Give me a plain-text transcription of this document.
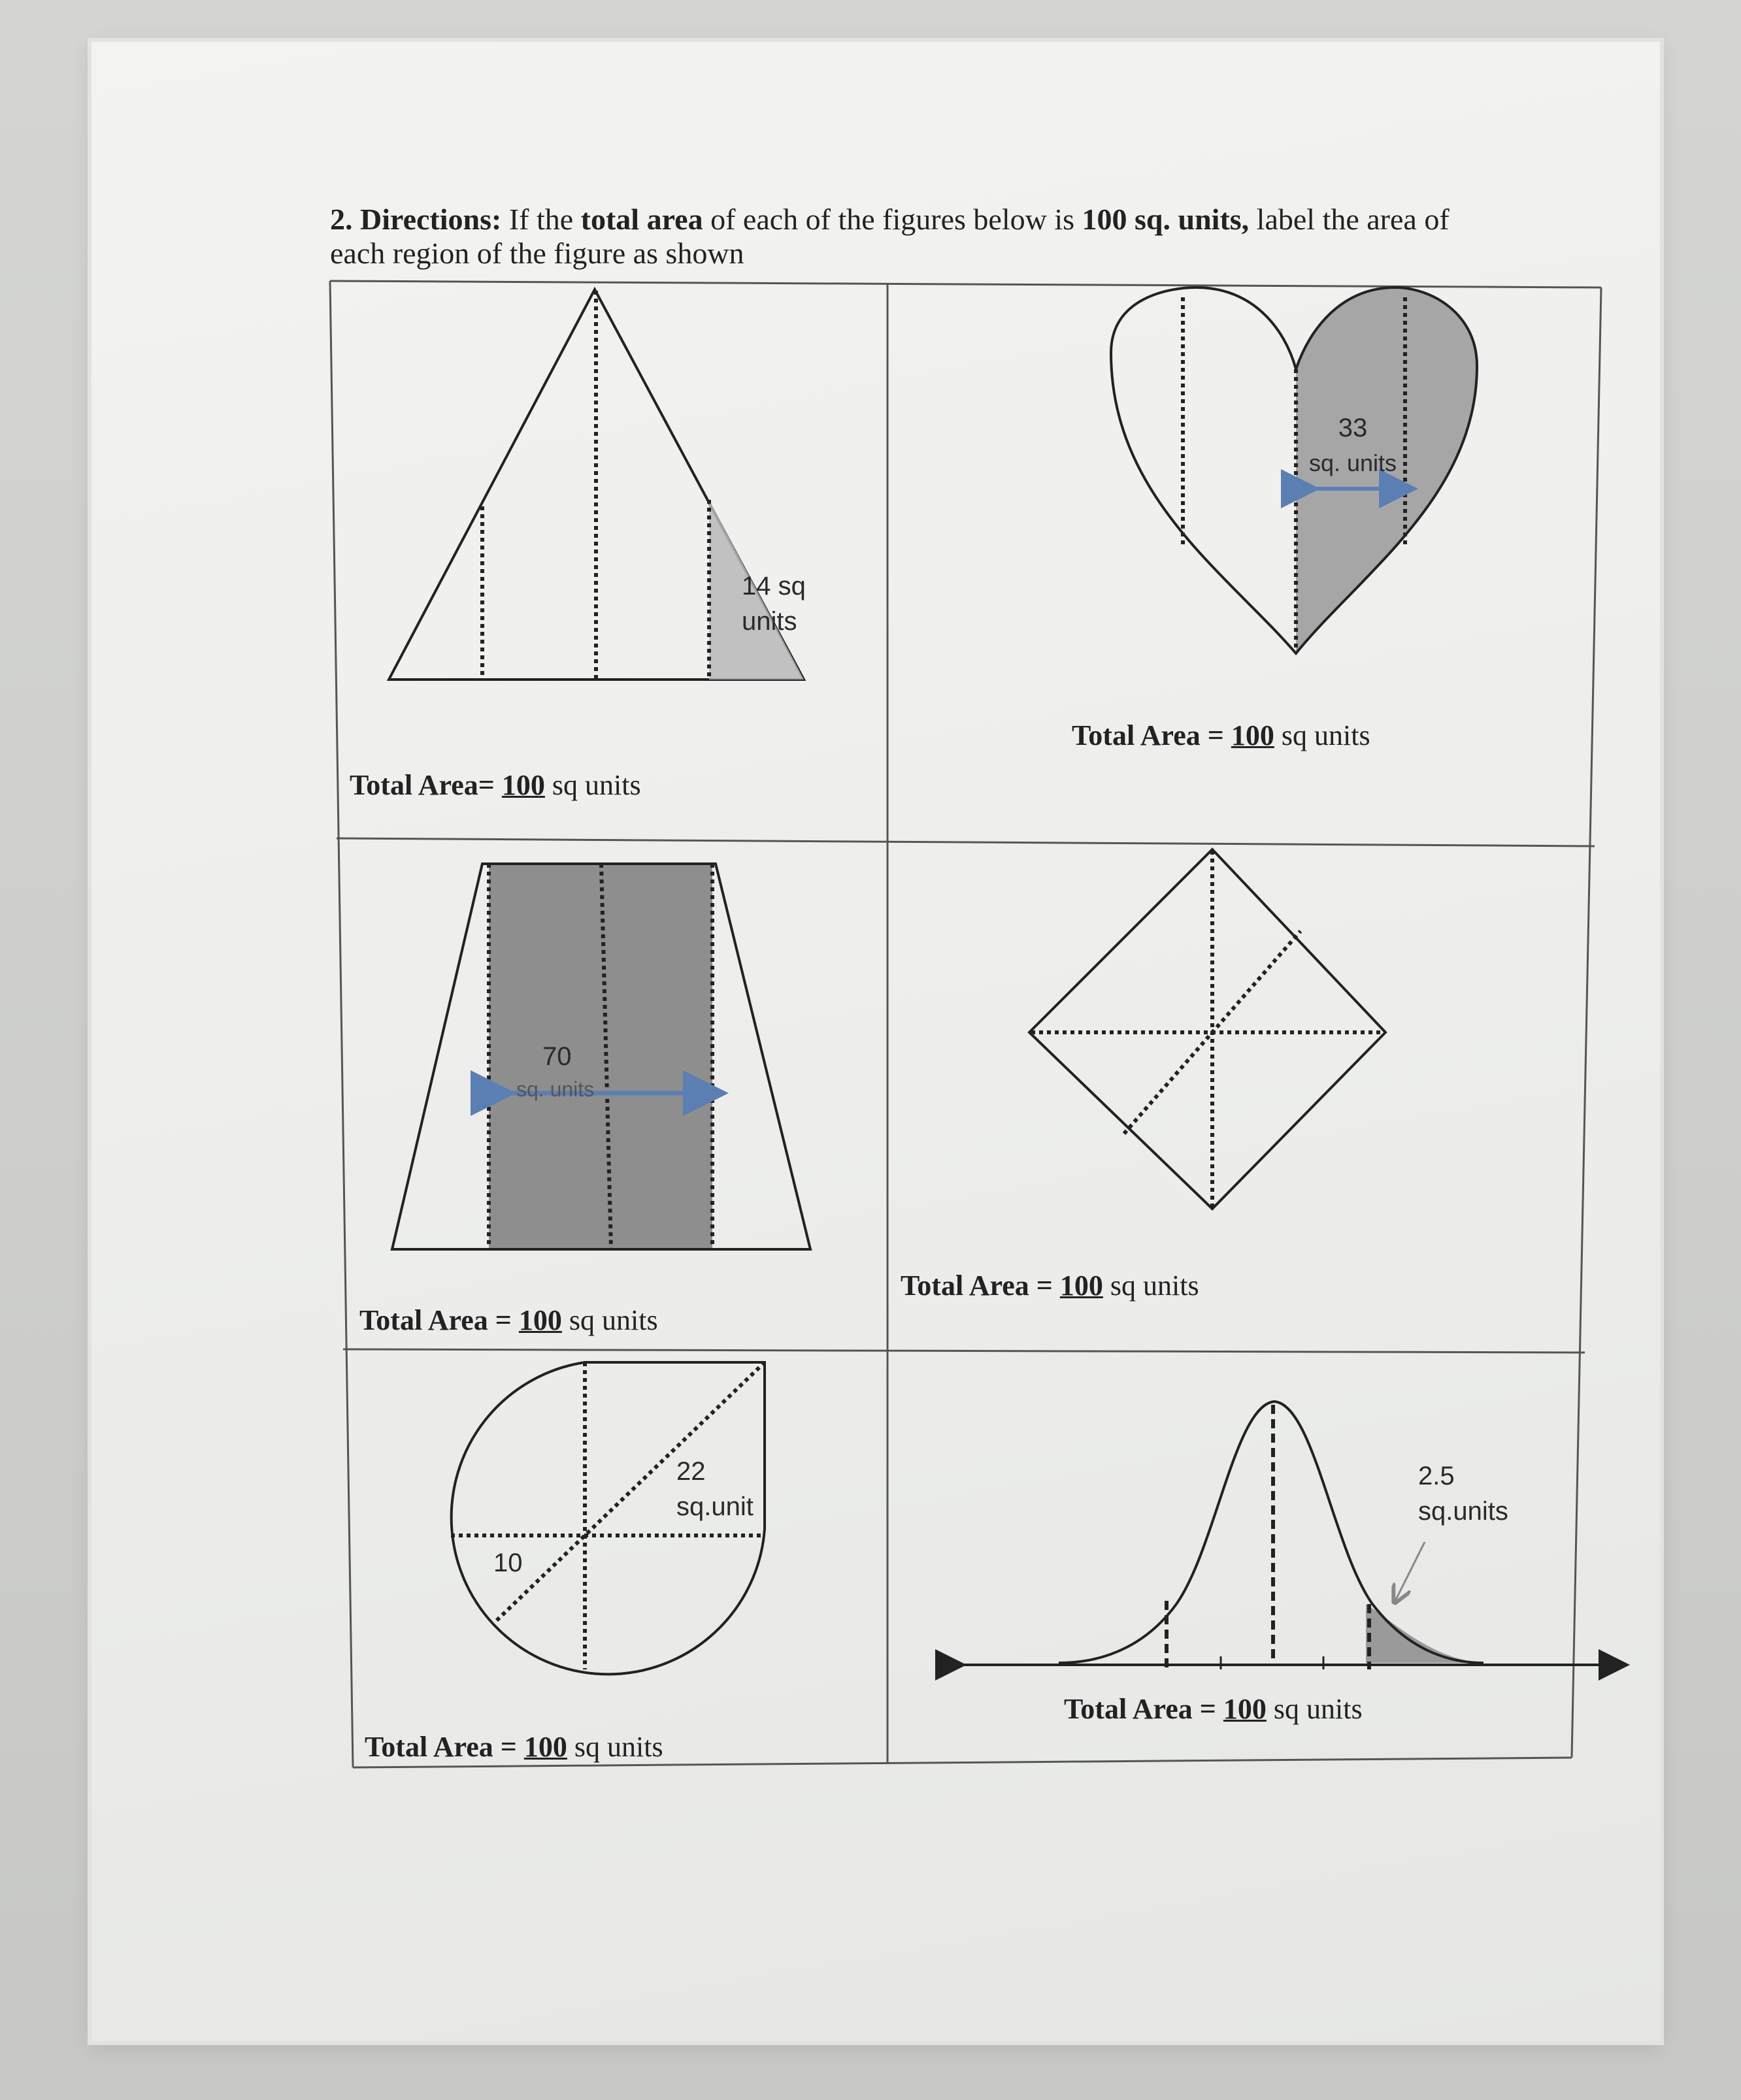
2. Directions: If the total area of each of the figures below is 100 sq. units, label the area of each region of the figure as shown
14 sq
units
33
sq. units
70
sq. units
22
sq.unit
10
2.5
sq.units
Total Area= 100 sq units
Total Area = 100 sq units
Total Area = 100 sq units
Total Area = 100 sq units
Total Area = 100 sq units
Total Area = 100 sq units
